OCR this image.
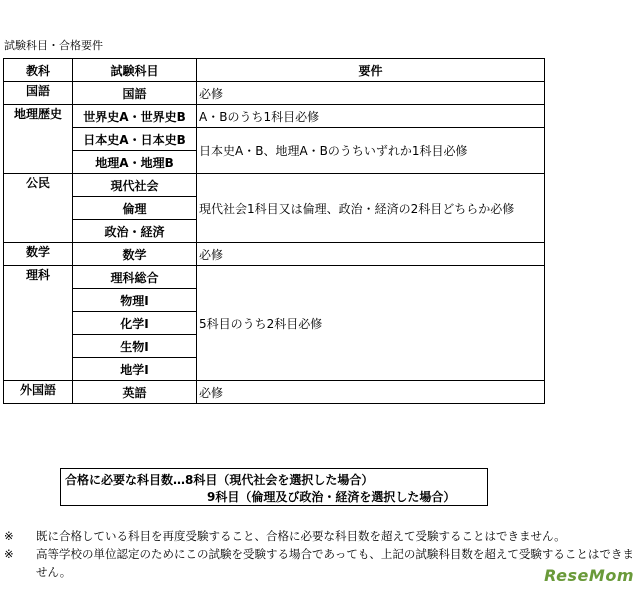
試験科目・合格要件
教科	試験科目	要件
国語	国語	必修
地理歴史	世界史A・世界史B	A・Bのうち1科目必修
	日本史A・日本史B	日本史A・B、地理A・Bのうちいずれか1科目必修
	地理A・地理B	
公民	現代社会	現代社会1科目又は倫理、政治・経済の2科目どちらか必修
	倫理	
	政治・経済	
数学	数学	必修
理科	理科総合	5科目のうち2科目必修
	物理Ⅰ	
	化学Ⅰ	
	生物Ⅰ	
	地学Ⅰ	
外国語	英語	必修
合格に必要な科目数…8科目（現代社会を選択した場合）
9科目（倫理及び政治・経済を選択した場合）
※	既に合格している科目を再度受験すること、合格に必要な科目数を超えて受験することはできません。
※	高等学校の単位認定のためにこの試験を受験する場合であっても、上記の試験科目数を超えて受験することはできません。	ReseMom
